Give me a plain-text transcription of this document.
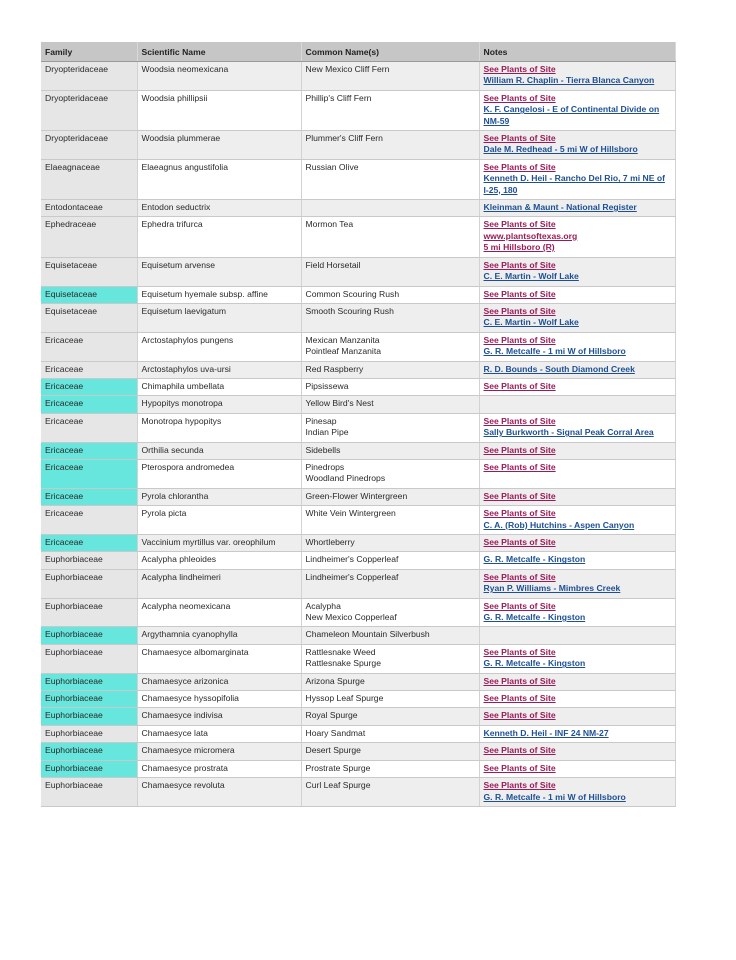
Family	Scientific Name	Common Name(s)	Notes
Dryopteridaceae	Woodsia neomexicana	New Mexico Cliff Fern	See Plants of Site
William R. Chaplin - Tierra Blanca Canyon

Dryopteridaceae	Woodsia phillipsii	Phillip's Cliff Fern	See Plants of Site
K. F. Cangelosi - E of Continental Divide on NM-59

Dryopteridaceae	Woodsia plummerae	Plummer's Cliff Fern	See Plants of Site
Dale M. Redhead - 5 mi W of Hillsboro

Elaeagnaceae	Elaeagnus angustifolia	Russian Olive	See Plants of Site
Kenneth D. Heil - Rancho Del Rio, 7 mi NE of I-25, 180

Entodontaceae	Entodon seductrix		Kleinman & Maunt - National Register

Ephedraceae	Ephedra trifurca	Mormon Tea	See Plants of Site
www.plantsoftexas.org
5 mi Hillsboro (R)

Equisetaceae	Equisetum arvense	Field Horsetail	See Plants of Site
C. E. Martin - Wolf Lake

Equisetaceae	Equisetum hyemale subsp. affine	Common Scouring Rush	See Plants of Site

Equisetaceae	Equisetum laevigatum	Smooth Scouring Rush	See Plants of Site
C. E. Martin - Wolf Lake

Ericaceae	Arctostaphylos pungens	Mexican Manzanita
Pointleaf Manzanita	See Plants of Site
G. R. Metcalfe - 1 mi W of Hillsboro

Ericaceae	Arctostaphylos uva-ursi	Red Raspberry	R. D. Bounds - South Diamond Creek

Ericaceae	Chimaphila umbellata	Pipsissewa	See Plants of Site

Ericaceae	Hypopitys monotropa	Yellow Bird's Nest	

Ericaceae	Monotropa hypopitys	Pinesap
Indian Pipe	See Plants of Site
Sally Burkworth - Signal Peak Corral Area

Ericaceae	Orthilia secunda	Sidebells	See Plants of Site

Ericaceae	Pterospora andromedea	Pinedrops
Woodland Pinedrops	See Plants of Site

Ericaceae	Pyrola chlorantha	Green-Flower Wintergreen	See Plants of Site

Ericaceae	Pyrola picta	White Vein Wintergreen	See Plants of Site
C. A. (Rob) Hutchins - Aspen Canyon

Ericaceae	Vaccinium myrtillus var. oreophilum	Whortleberry	See Plants of Site

Euphorbiaceae	Acalypha phleoides	Lindheimer's Copperleaf	G. R. Metcalfe - Kingston

Euphorbiaceae	Acalypha lindheimeri	Lindheimer's Copperleaf	See Plants of Site
Ryan P. Williams - Mimbres Creek

Euphorbiaceae	Acalypha neomexicana	Acalypha
New Mexico Copperleaf	See Plants of Site
G. R. Metcalfe - Kingston

Euphorbiaceae	Argythamnia cyanophylla	Chameleon Mountain Silverbush	

Euphorbiaceae	Chamaesyce albomarginata	Rattlesnake Weed
Rattlesnake Spurge	See Plants of Site
G. R. Metcalfe - Kingston

Euphorbiaceae	Chamaesyce arizonica	Arizona Spurge	See Plants of Site

Euphorbiaceae	Chamaesyce hyssopifolia	Hyssop Leaf Spurge	See Plants of Site

Euphorbiaceae	Chamaesyce indivisa	Royal Spurge	See Plants of Site

Euphorbiaceae	Chamaesyce lata	Hoary Sandmat	Kenneth D. Heil - INF 24 NM-27

Euphorbiaceae	Chamaesyce micromera	Desert Spurge	See Plants of Site

Euphorbiaceae	Chamaesyce prostrata	Prostrate Spurge	See Plants of Site

Euphorbiaceae	Chamaesyce revoluta	Curl Leaf Spurge	See Plants of Site
G. R. Metcalfe - 1 mi W of Hillsboro
